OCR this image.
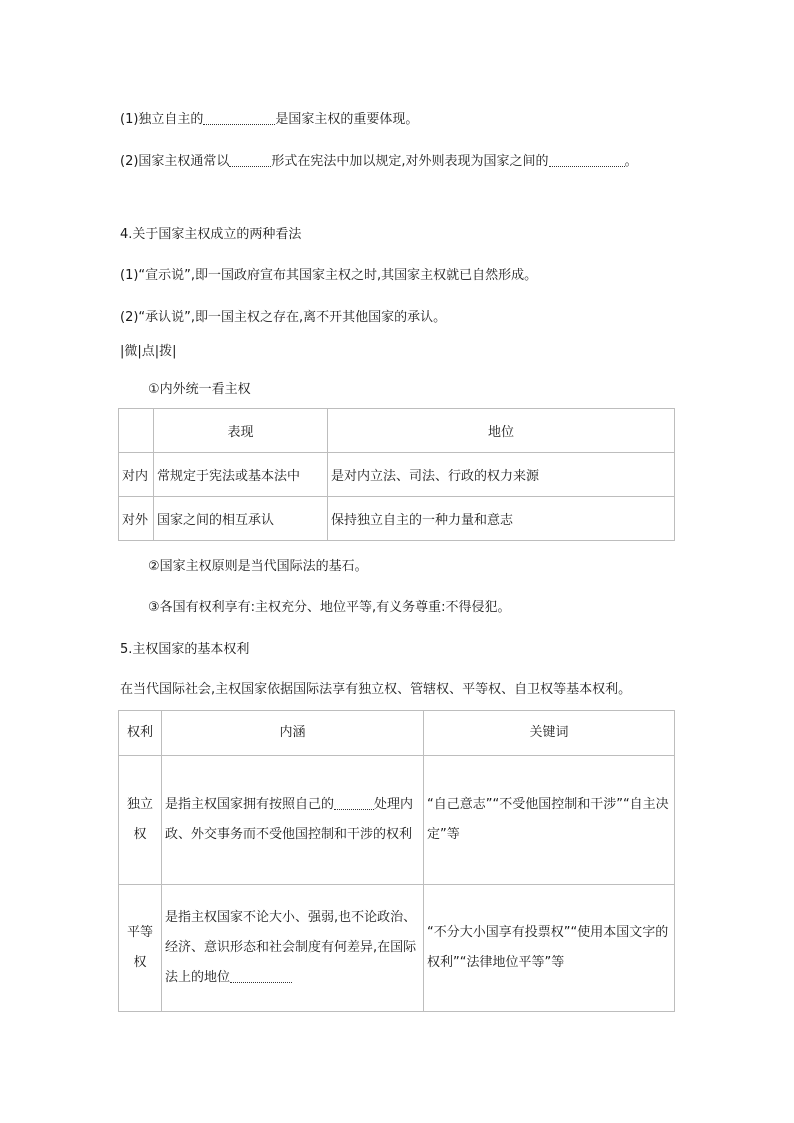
(1)独立自主的	是国家主权的重要体现。
(2)国家主权通常以	形式在宪法中加以规定,对外则表现为国家之间的	。
4.关于国家主权成立的两种看法
(1)“宣示说”,即一国政府宣布其国家主权之时,其国家主权就已自然形成。
(2)“承认说”,即一国主权之存在,离不开其他国家的承认。
|微|点|拨|
①内外统一看主权
	表现	地位
对内	常规定于宪法或基本法中	是对内立法、司法、行政的权力来源
对外	国家之间的相互承认	保持独立自主的一种力量和意志
②国家主权原则是当代国际法的基石。
③各国有权利享有:主权充分、地位平等,有义务尊重:不得侵犯。
5.主权国家的基本权利
在当代国际社会,主权国家依据国际法享有独立权、管辖权、平等权、自卫权等基本权利。
权利	内涵	关键词
独立权	是指主权国家拥有按照自己的 处理内政、外交事务而不受他国控制和干涉的权利	“自己意志”“不受他国控制和干涉”“自主决定”等
平等权	是指主权国家不论大小、强弱,也不论政治、经济、意识形态和社会制度有何差异,在国际法上的地位	“不分大小国享有投票权”“使用本国文字的权利”“法律地位平等”等
